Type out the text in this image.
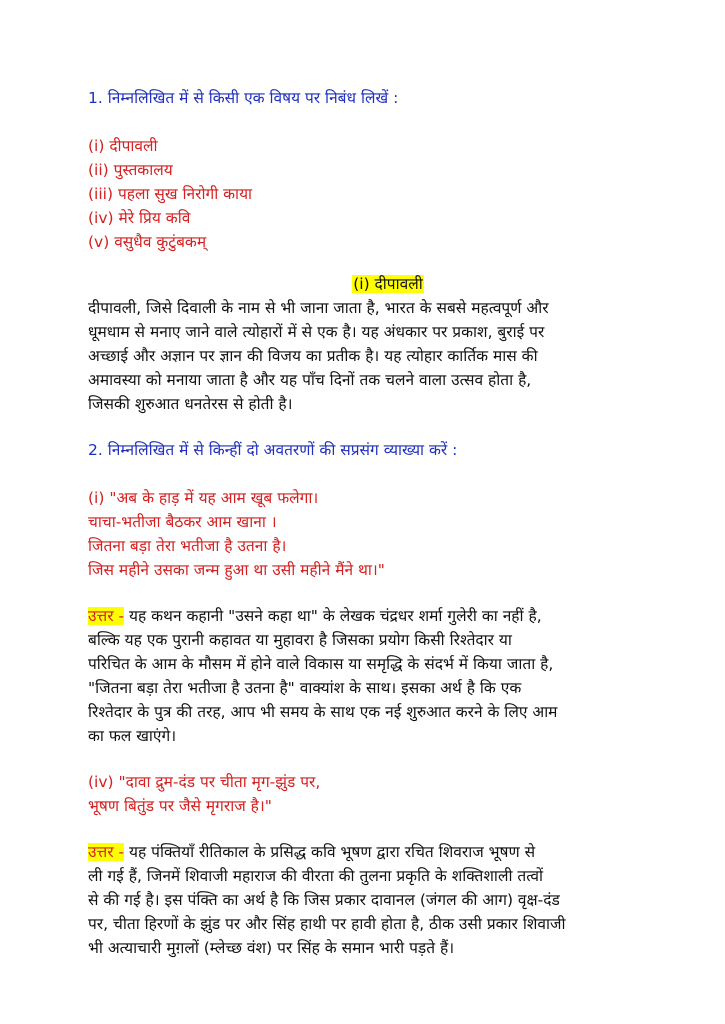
1. निम्नलिखित में से किसी एक विषय पर निबंध लिखें :
(i) दीपावली
(ii) पुस्तकालय
(iii) पहला सुख निरोगी काया
(iv) मेरे प्रिय कवि
(v) वसुधैव कुटुंबकम्
(i) दीपावली
दीपावली, जिसे दिवाली के नाम से भी जाना जाता है, भारत के सबसे महत्वपूर्ण और
धूमधाम से मनाए जाने वाले त्योहारों में से एक है। यह अंधकार पर प्रकाश, बुराई पर
अच्छाई और अज्ञान पर ज्ञान की विजय का प्रतीक है। यह त्योहार कार्तिक मास की
अमावस्या को मनाया जाता है और यह पाँच दिनों तक चलने वाला उत्सव होता है,
जिसकी शुरुआत धनतेरस से होती है।
2. निम्नलिखित में से किन्हीं दो अवतरणों की सप्रसंग व्याख्या करें :
(i) "अब के हाड़ में यह आम खूब फलेगा।
चाचा-भतीजा बैठकर आम खाना ।
जितना बड़ा तेरा भतीजा है उतना है।
जिस महीने उसका जन्म हुआ था उसी महीने मैंने था।"
उत्तर - यह कथन कहानी "उसने कहा था" के लेखक चंद्रधर शर्मा गुलेरी का नहीं है,
बल्कि यह एक पुरानी कहावत या मुहावरा है जिसका प्रयोग किसी रिश्तेदार या
परिचित के आम के मौसम में होने वाले विकास या समृद्धि के संदर्भ में किया जाता है,
"जितना बड़ा तेरा भतीजा है उतना है" वाक्यांश के साथ। इसका अर्थ है कि एक
रिश्तेदार के पुत्र की तरह, आप भी समय के साथ एक नई शुरुआत करने के लिए आम
का फल खाएंगे।
(iv) "दावा द्रुम-दंड पर चीता मृग-झुंड पर,
भूषण बितुंड पर जैसे मृगराज है।"
उत्तर - यह पंक्तियाँ रीतिकाल के प्रसिद्ध कवि भूषण द्वारा रचित शिवराज भूषण से
ली गई हैं, जिनमें शिवाजी महाराज की वीरता की तुलना प्रकृति के शक्तिशाली तत्वों
से की गई है। इस पंक्ति का अर्थ है कि जिस प्रकार दावानल (जंगल की आग) वृक्ष-दंड
पर, चीता हिरणों के झुंड पर और सिंह हाथी पर हावी होता है, ठीक उसी प्रकार शिवाजी
भी अत्याचारी मुग़लों (म्लेच्छ वंश) पर सिंह के समान भारी पड़ते हैं।
